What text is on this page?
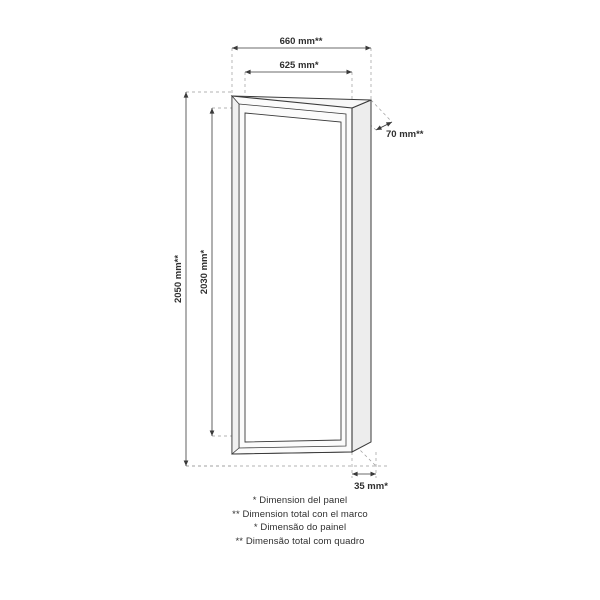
660 mm**
625 mm*
70 mm**
2050 mm** 2030 mm*
35 mm*
* Dimension del panel
** Dimension total con el marco
* Dimensão do painel
** Dimensão total com quadro
